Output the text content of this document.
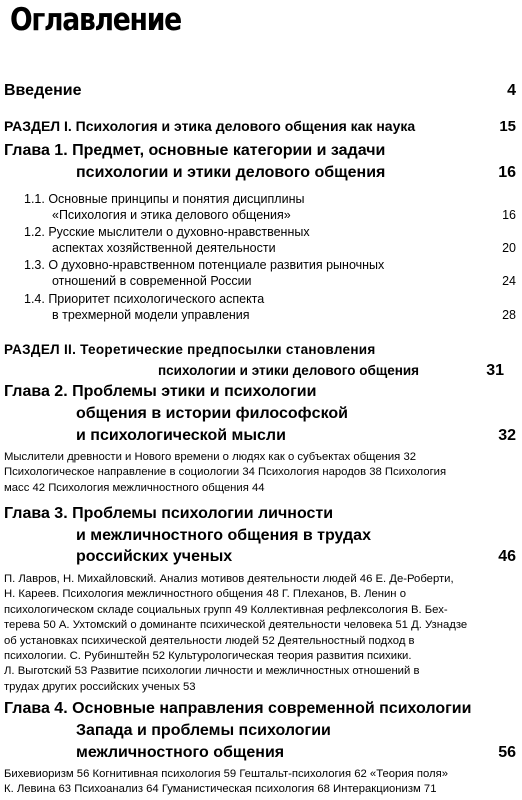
Оглавление
Введение	4
РАЗДЕЛ I. Психология и этика делового общения как наука	15
Глава 1. Предмет, основные категории и задачи
психологии и этики делового общения	16
1.1. Основные принципы и понятия дисциплины
«Психология и этика делового общения»	16
1.2. Русские мыслители о духовно-нравственных
аспектах хозяйственной деятельности	20
1.3. О духовно-нравственном потенциале развития рыночных
отношений в современной России	24
1.4. Приоритет психологического аспекта
в трехмерной модели управления	28
РАЗДЕЛ II. Теоретические предпосылки становления
психологии и этики делового общения	31
Глава 2. Проблемы этики и психологии
общения в истории философской
и психологической мысли	32
Мыслители древности и Нового времени о людях как о субъектах общения 32
Психологическое направление в социологии 34 Психология народов 38 Психология
масс 42 Психология межличностного общения 44
Глава 3. Проблемы психологии личности
и межличностного общения в трудах
российских ученых	46
П. Лавров, Н. Михайловский. Анализ мотивов деятельности людей 46 Е. Де-Роберти,
Н. Кареев. Психология межличностного общения 48 Г. Плеханов, В. Ленин о
психологическом складе социальных групп 49 Коллективная рефлексология В. Бех-
терева 50 А. Ухтомский о доминанте психической деятельности человека 51 Д. Узнадзе
об установках психической деятельности людей 52 Деятельностный подход в
психологии. С. Рубинштейн 52 Культурологическая теория развития психики.
Л. Выготский 53 Развитие психологии личности и межличностных отношений в
трудах других российских ученых 53
Глава 4. Основные направления современной психологии
Запада и проблемы психологии
межличностного общения	56
Бихевиоризм 56 Когнитивная психология 59 Гештальт-психология 62 «Теория поля»
К. Левина 63 Психоанализ 64 Гуманистическая психология 68 Интеракционизм 71
